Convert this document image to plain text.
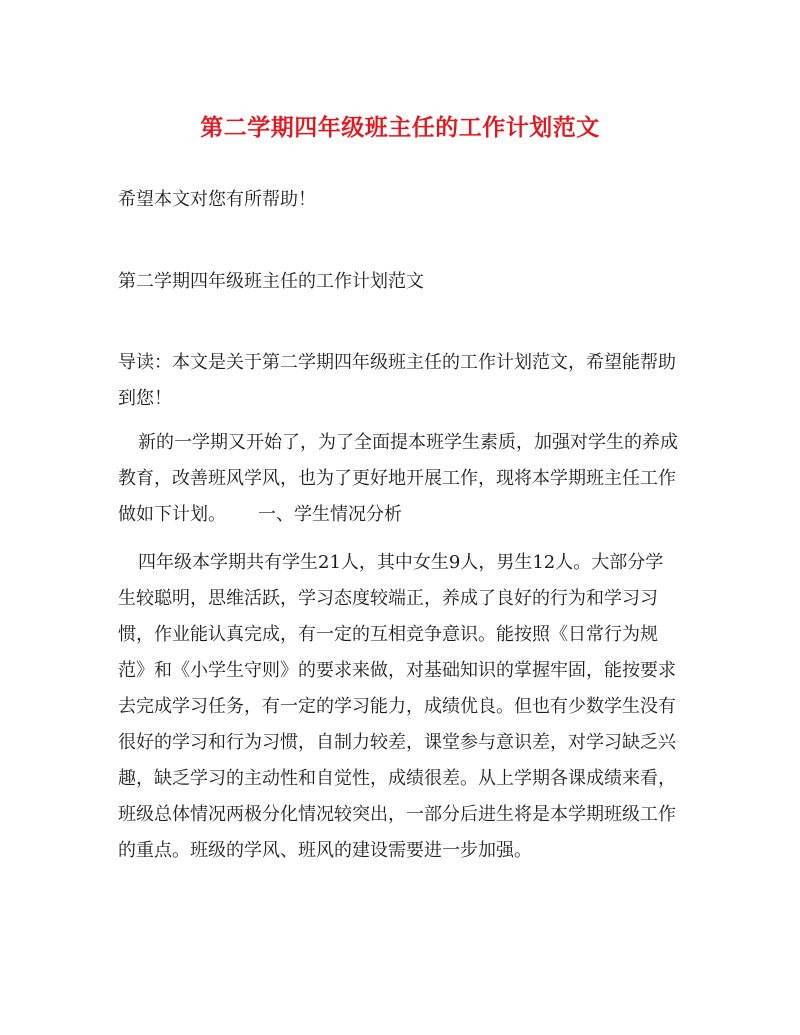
第二学期四年级班主任的工作计划范文

希望本文对您有所帮助！

第二学期四年级班主任的工作计划范文

导读：本文是关于第二学期四年级班主任的工作计划范文，希望能帮助到您！

新的一学期又开始了，为了全面提本班学生素质，加强对学生的养成教育，改善班风学风，也为了更好地开展工作，现将本学期班主任工作做如下计划。 一、学生情况分析

四年级本学期共有学生21人，其中女生9人，男生12人。大部分学生较聪明，思维活跃，学习态度较端正，养成了良好的行为和学习习惯，作业能认真完成，有一定的互相竞争意识。能按照《日常行为规范》和《小学生守则》的要求来做，对基础知识的掌握牢固，能按要求去完成学习任务，有一定的学习能力，成绩优良。但也有少数学生没有很好的学习和行为习惯，自制力较差，课堂参与意识差，对学习缺乏兴趣，缺乏学习的主动性和自觉性，成绩很差。从上学期各课成绩来看，班级总体情况两极分化情况较突出，一部分后进生将是本学期班级工作的重点。班级的学风、班风的建设需要进一步加强。
